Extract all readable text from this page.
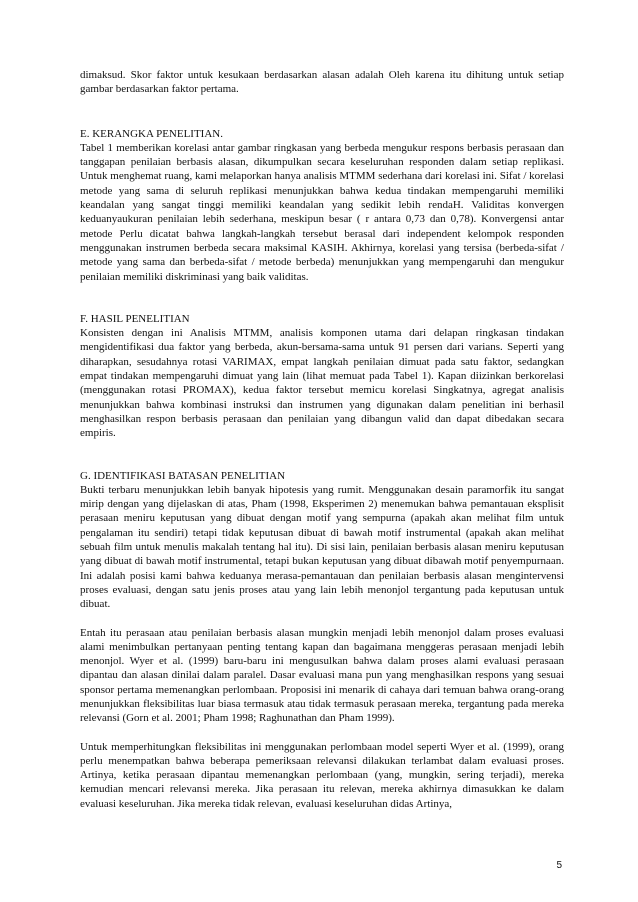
dimaksud. Skor faktor untuk kesukaan berdasarkan alasan adalah Oleh karena itu dihitung untuk setiap gambar berdasarkan faktor pertama.

E. KERANGKA PENELITIAN.

Tabel 1 memberikan korelasi antar gambar ringkasan yang berbeda mengukur respons berbasis perasaan dan tanggapan penilaian berbasis alasan, dikumpulkan secara keseluruhan responden dalam setiap replikasi. Untuk menghemat ruang, kami melaporkan hanya analisis MTMM sederhana dari korelasi ini. Sifat / korelasi metode yang sama di seluruh replikasi menunjukkan bahwa kedua tindakan mempengaruhi memiliki keandalan yang sangat tinggi memiliki keandalan yang sedikit lebih rendaH. Validitas konvergen keduanyaukuran penilaian lebih sederhana, meskipun besar ( r antara 0,73 dan 0,78). Konvergensi antar metode Perlu dicatat bahwa langkah-langkah tersebut berasal dari independent kelompok responden menggunakan instrumen berbeda secara maksimal KASIH. Akhirnya, korelasi yang tersisa (berbeda-sifat / metode yang sama dan berbeda-sifat / metode berbeda) menunjukkan yang mempengaruhi dan mengukur penilaian memiliki diskriminasi yang baik validitas.

F. HASIL PENELITIAN

Konsisten dengan ini Analisis MTMM, analisis komponen utama dari delapan ringkasan tindakan mengidentifikasi dua faktor yang berbeda, akun-bersama-sama untuk 91 persen dari varians. Seperti yang diharapkan, sesudahnya rotasi VARIMAX, empat langkah penilaian dimuat pada satu faktor, sedangkan empat tindakan mempengaruhi dimuat yang lain (lihat memuat pada Tabel 1). Kapan diizinkan berkorelasi (menggunakan rotasi PROMAX), kedua faktor tersebut memicu korelasi Singkatnya, agregat analisis menunjukkan bahwa kombinasi instruksi dan instrumen yang digunakan dalam penelitian ini berhasil menghasilkan respon berbasis perasaan dan penilaian yang dibangun valid dan dapat dibedakan secara empiris.

G. IDENTIFIKASI BATASAN PENELITIAN

Bukti terbaru menunjukkan lebih banyak hipotesis yang rumit. Menggunakan desain paramorfik itu sangat mirip dengan yang dijelaskan di atas, Pham (1998, Eksperimen 2) menemukan bahwa pemantauan eksplisit perasaan meniru keputusan yang dibuat dengan motif yang sempurna (apakah akan melihat film untuk pengalaman itu sendiri) tetapi tidak keputusan dibuat di bawah motif instrumental (apakah akan melihat sebuah film untuk menulis makalah tentang hal itu). Di sisi lain, penilaian berbasis alasan meniru keputusan yang dibuat di bawah motif instrumental, tetapi bukan keputusan yang dibuat dibawah motif penyempurnaan. Ini adalah posisi kami bahwa keduanya merasa-pemantauan dan penilaian berbasis alasan mengintervensi proses evaluasi, dengan satu jenis proses atau yang lain lebih menonjol tergantung pada keputusan untuk dibuat.

Entah itu perasaan atau penilaian berbasis alasan mungkin menjadi lebih menonjol dalam proses evaluasi alami menimbulkan pertanyaan penting tentang kapan dan bagaimana menggeras perasaan menjadi lebih menonjol. Wyer et al. (1999) baru-baru ini mengusulkan bahwa dalam proses alami evaluasi perasaan dipantau dan alasan dinilai dalam paralel. Dasar evaluasi mana pun yang menghasilkan respons yang sesuai sponsor pertama memenangkan perlombaan. Proposisi ini menarik di cahaya dari temuan bahwa orang-orang menunjukkan fleksibilitas luar biasa termasuk atau tidak termasuk perasaan mereka, tergantung pada mereka relevansi (Gorn et al. 2001; Pham 1998; Raghunathan dan Pham 1999).

Untuk memperhitungkan fleksibilitas ini menggunakan perlombaan model seperti Wyer et al. (1999), orang perlu menempatkan bahwa beberapa pemeriksaan relevansi dilakukan terlambat dalam evaluasi proses. Artinya, ketika perasaan dipantau memenangkan perlombaan (yang, mungkin, sering terjadi), mereka kemudian mencari relevansi mereka. Jika perasaan itu relevan, mereka akhirnya dimasukkan ke dalam evaluasi keseluruhan. Jika mereka tidak relevan, evaluasi keseluruhan didas Artinya,

5
